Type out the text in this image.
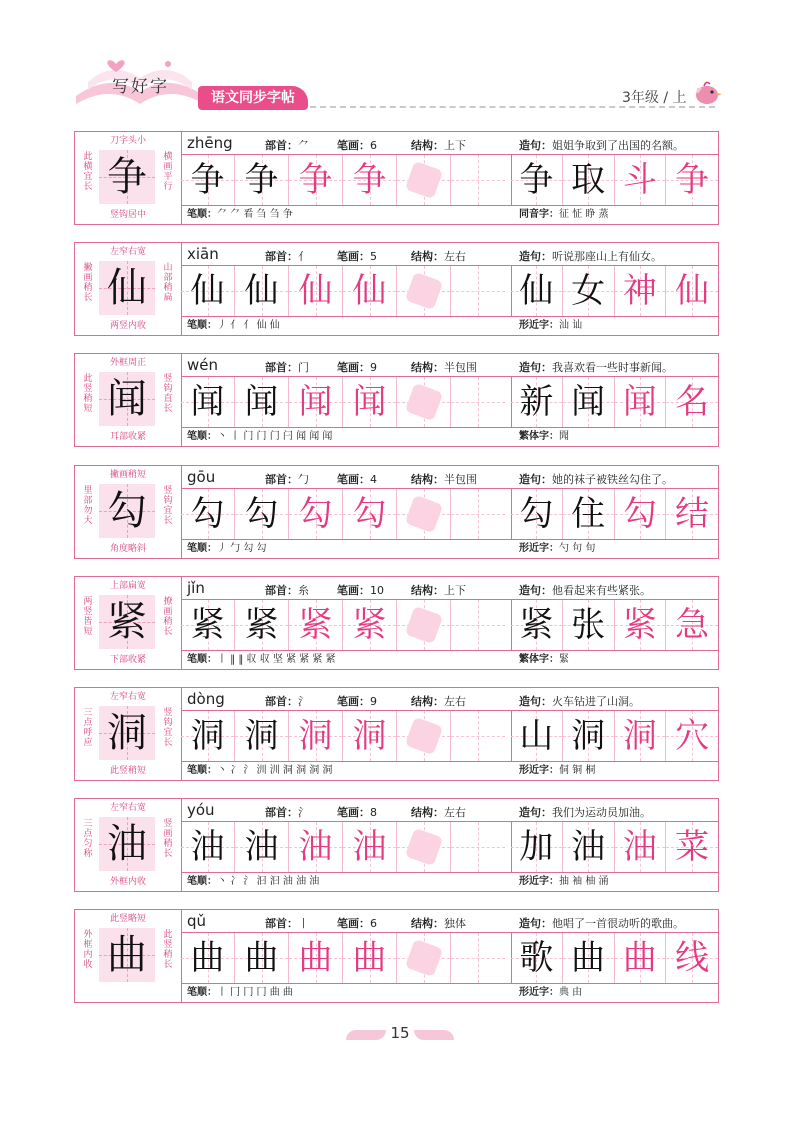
写好字
语文同步字帖	3年级 / 上
刀字头小
此横宜长
横画平行
竖钩居中
争
zhēng	部首：⺈	笔画：6	结构：上下	造句：姐姐争取到了出国的名额。
争 争 争 争	争 取 斗 争
笔顺：⺈ ⺈ 㸔 刍 刍 争	同音字：征 怔 睁 蒸
左窄右宽
撇画稍长
山部稍扁
两竖内收
仙
xiān	部首：亻	笔画：5	结构：左右	造句：听说那座山上有仙女。
仙 仙 仙 仙	仙 女 神 仙
笔顺：丿 亻 亻 仙 仙	形近字：汕 讪
外框周正
此竖稍短
竖钩直长
耳部收紧
闻
wén	部首：门	笔画：9	结构：半包围	造句：我喜欢看一些时事新闻。
闻 闻 闻 闻	新 闻 闻 名
笔顺：丶 丨 门 门 门 闩 闻 闻 闻	繁体字：聞
撇画稍短
里部勿大
竖钩宜长
角度略斜
勾
gōu	部首：勹	笔画：4	结构：半包围	造句：她的袜子被铁丝勾住了。
勾 勾 勾 勾	勾 住 勾 结
笔顺：丿 勹 勾 勾	形近字：勺 句 旬
上部扁宽
两竖皆短
撩画稍长
下部收紧
紧
jǐn	部首：糸	笔画：10 结构：上下	造句：他看起来有些紧张。
紧 紧 紧 紧	紧 张 紧 急
笔顺：丨 ‖ ‖ 収 収 坚 紧 紧 紧 紧	繁体字：緊
左窄右宽
三点呼应
竖钩宜长
此竖稍短
洞
dòng	部首：氵	笔画：9	结构：左右	造句：火车钻进了山洞。
洞 洞 洞 洞	山 洞 洞 穴
笔顺：丶 冫 氵 汌 汌 洞 洞 洞 洞	形近字：侗 铜 桐
左窄右宽
三点匀称
竖画稍长
外框内收
油
yóu	部首：氵	笔画：8	结构：左右	造句：我们为运动员加油。
油 油 油 油	加 油 油 菜
笔顺：丶 冫 氵 汩 汩 油 油 油	形近字：抽 袖 柚 涌
此竖略短
外框内收
此竖稍长
曲
qǔ	部首：丨	笔画：6	结构：独体	造句：他唱了一首很动听的歌曲。
曲 曲 曲 曲	歌 曲 曲 线
笔顺：丨 冂 冂 冂 曲 曲	形近字：典 由
15
